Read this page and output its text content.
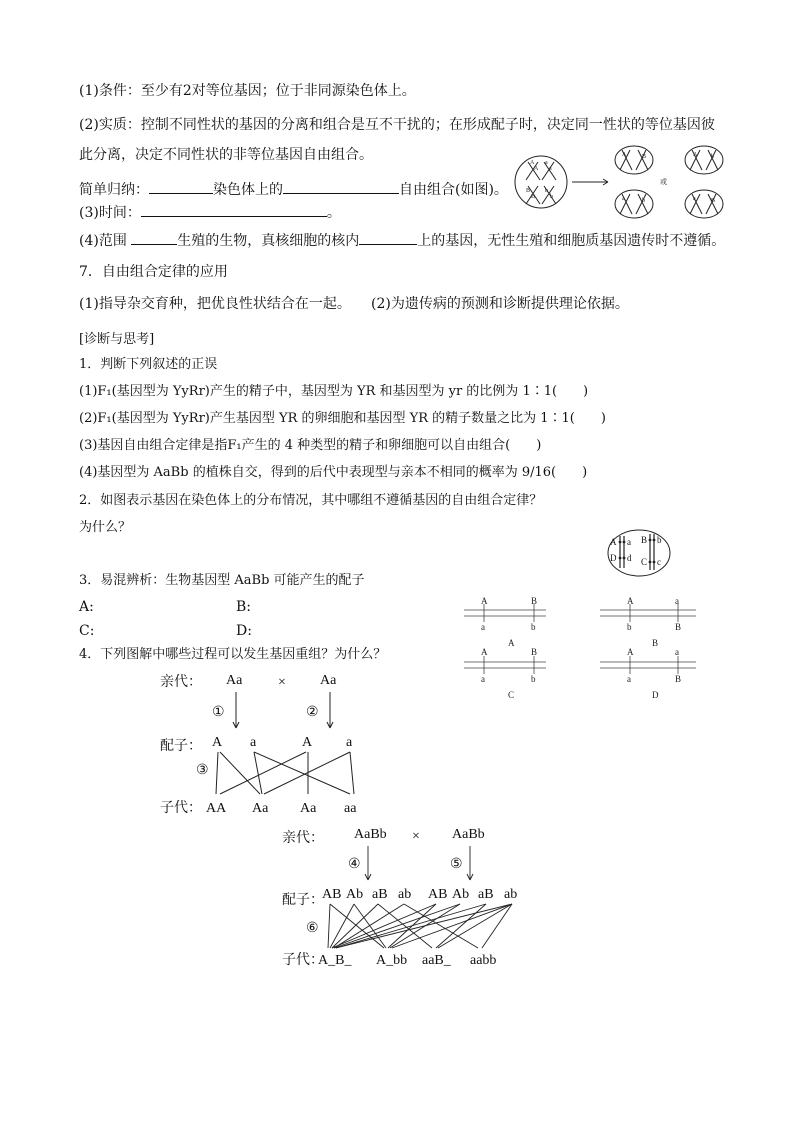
(1)条件：至少有2对等位基因；位于非同源染色体上。
(2)实质：控制不同性状的基因的分离和组合是互不干扰的；在形成配子时，决定同一性状的等位基因彼
此分离，决定不同性状的非等位基因自由组合。
简单归纳：	染色体上的	自由组合(如图)。
(3)时间：	。
(4)范围	生殖的生物，真核细胞的核内	上的基因，无性生殖和细胞质基因遗传时不遵循。
A
A
a
a
B
B
b
b
A	B	A b
a	b	a	B
或
7．自由组合定律的应用
(1)指导杂交育种，把优良性状结合在一起。 (2)为遗传病的预测和诊断提供理论依据。
[诊断与思考]
1．判断下列叙述的正误
(1)F₁(基因型为 YyRr)产生的精子中，基因型为 YR 和基因型为 yr 的比例为 1∶1(　　)
(2)F₁(基因型为 YyRr)产生基因型 YR 的卵细胞和基因型 YR 的精子数量之比为 1∶1(　　)
(3)基因自由组合定律是指F₁产生的 4 种类型的精子和卵细胞可以自由组合(　　)
(4)基因型为 AaBb 的植株自交，得到的后代中表现型与亲本不相同的概率为 9/16(　　)
2．如图表示基因在染色体上的分布情况，其中哪组不遵循基因的自由组合定律？
为什么？
A a B b
D d C c
3．易混辨析：生物基因型 AaBb 可能产生的配子
A:	B:
C:	D:
4．下列图解中哪些过程可以发生基因重组？为什么？
A	B
a	b
A
A	a
b	B
B
A	B
a	b
C
A	a
a	B
D
亲代： Aa	× Aa
①	②
配子： A a	A a
③
子代： AA Aa Aa aa
亲代： AaBb × AaBb
④	⑤
配子：
AB Ab aB ab AB Ab aB ab
⑥
子代：
A_B_ A_bb aaB_ aabb
